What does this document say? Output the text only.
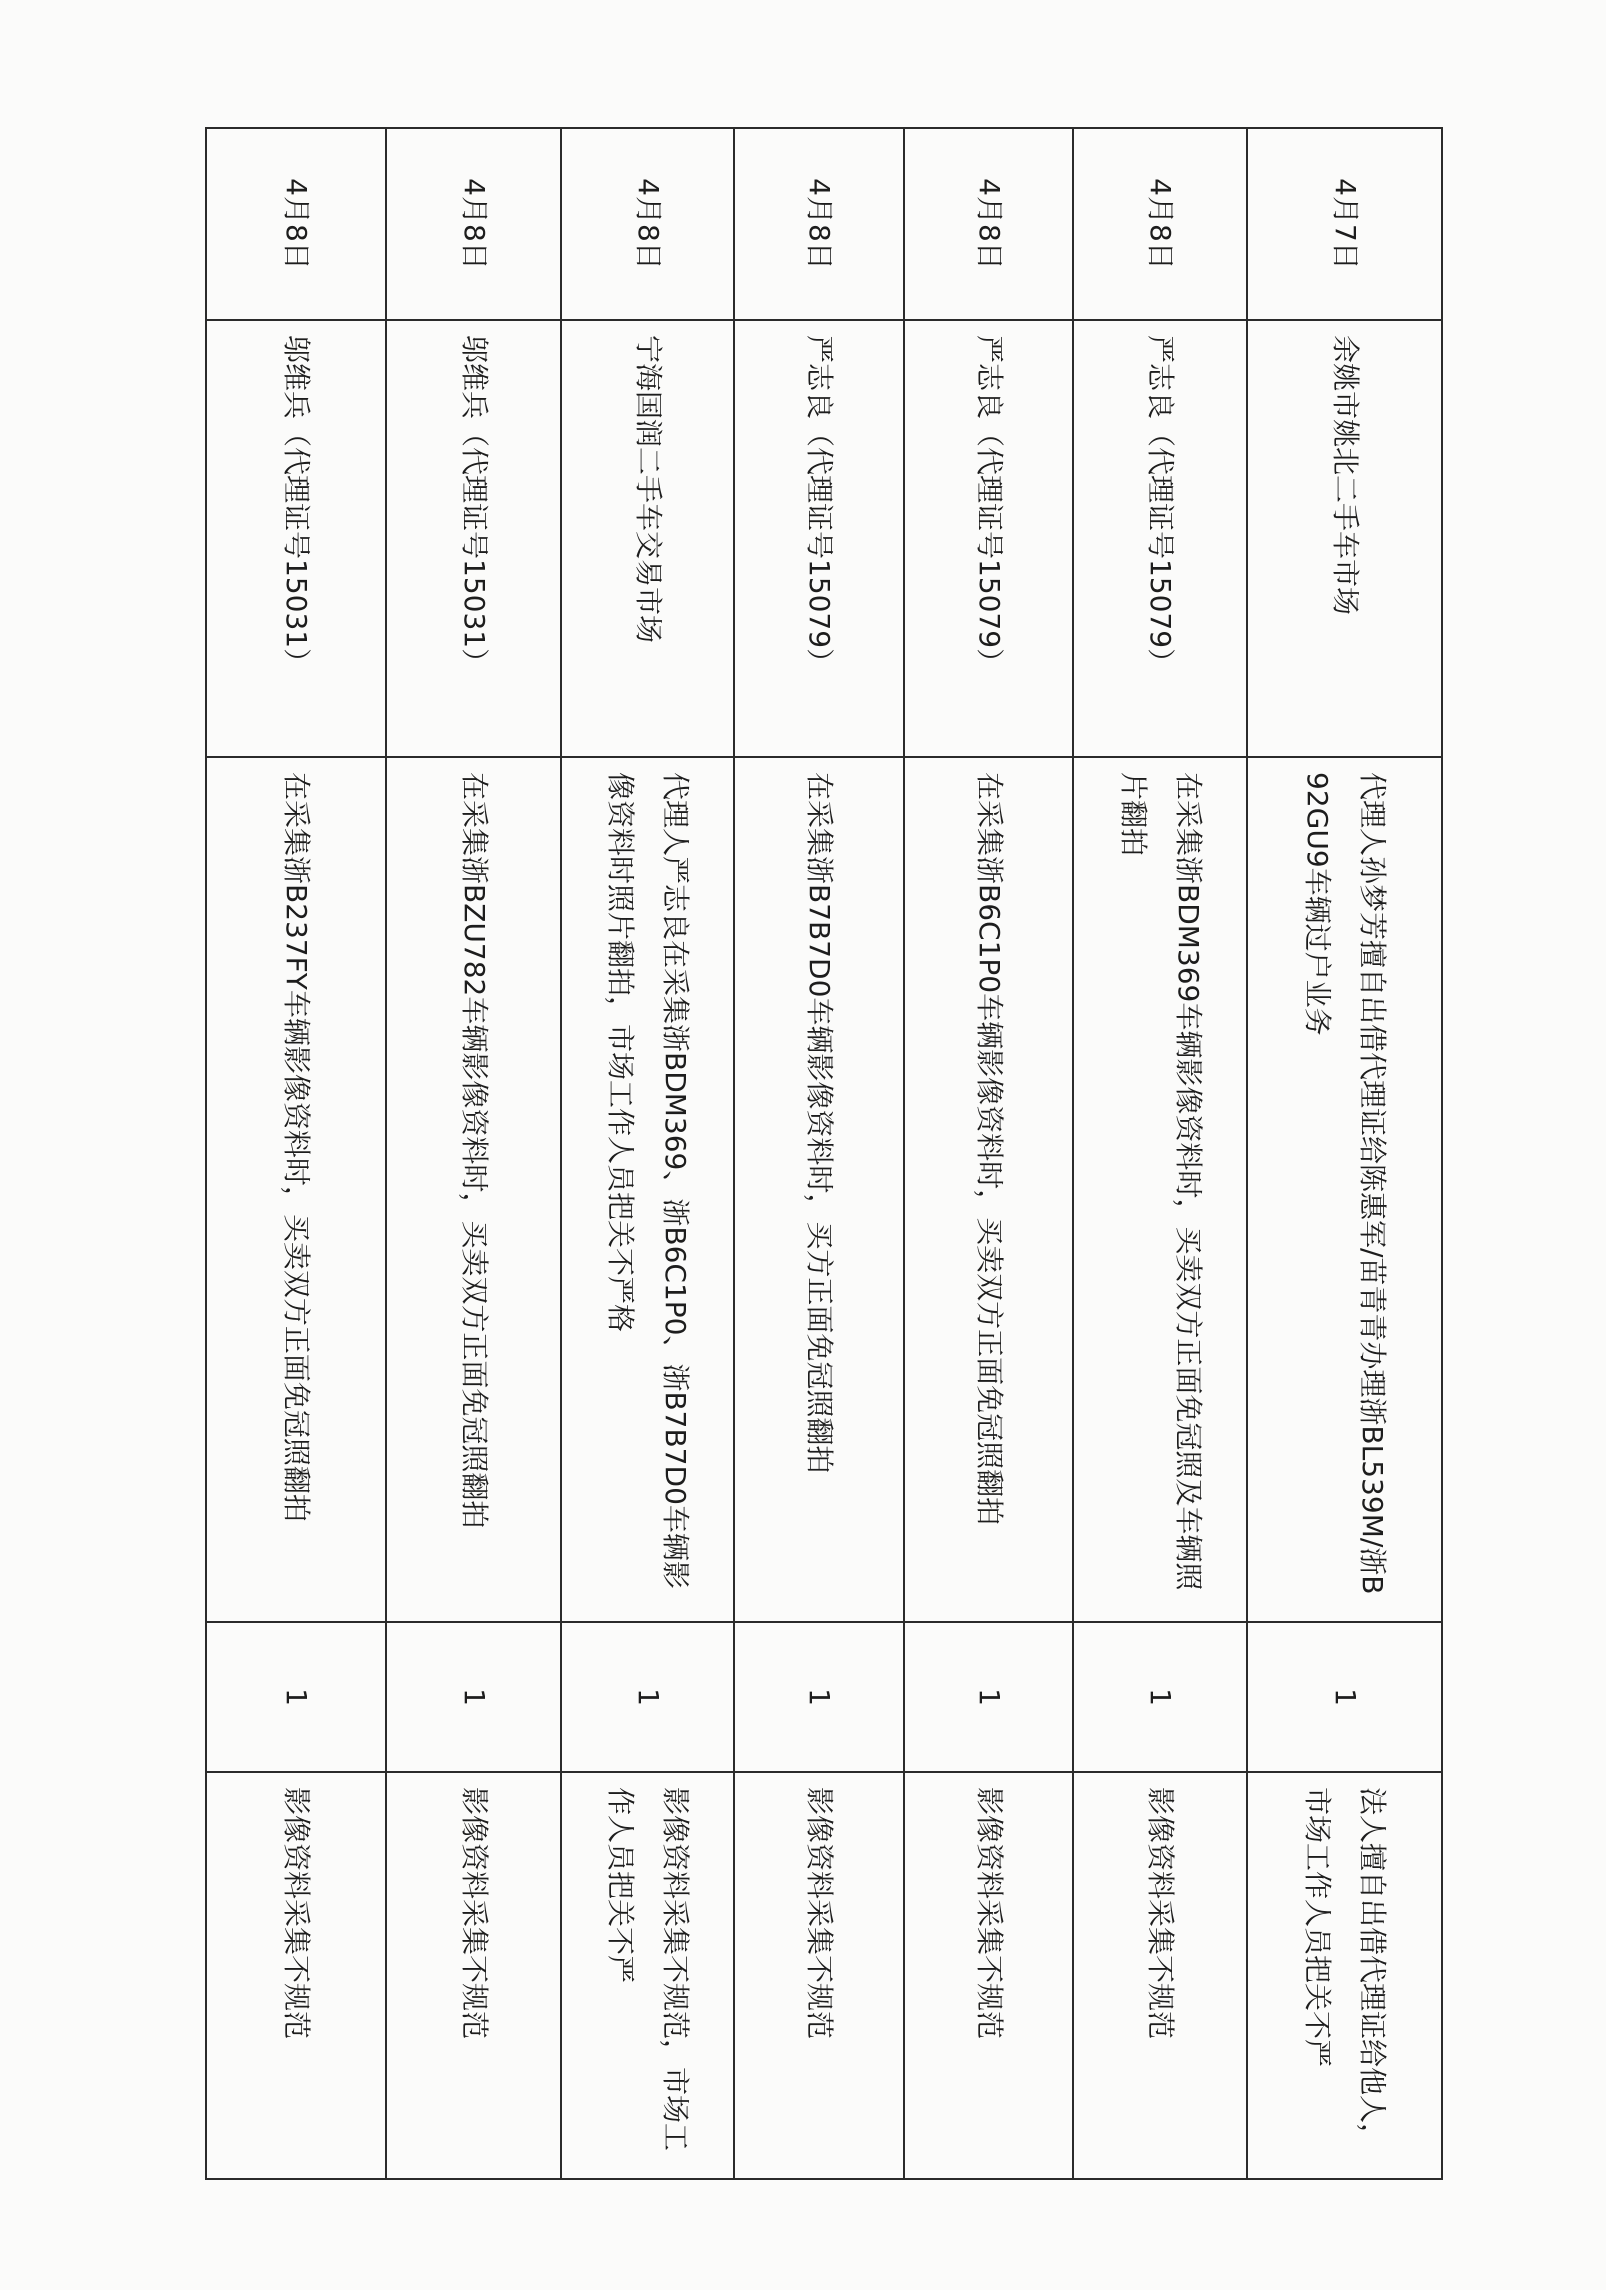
4月7日	余姚市姚北二手车市场	代理人孙梦芳擅自出借代理证给陈惠军/苗青青办理浙BL539M/浙B92GU9车辆过户业务	1	法人擅自出借代理证给他人，市场工作人员把关不严
4月8日	严志良（代理证号15079）	在采集浙BDM369车辆影像资料时，买卖双方正面免冠照及车辆照片翻拍	1	影像资料采集不规范
4月8日	严志良（代理证号15079）	在采集浙B6C1P0车辆影像资料时，买卖双方正面免冠照翻拍	1	影像资料采集不规范
4月8日	严志良（代理证号15079）	在采集浙B7B7D0车辆影像资料时，买方正面免冠照翻拍	1	影像资料采集不规范
4月8日	宁海国润二手车交易市场	代理人严志良在采集浙BDM369、浙B6C1P0、浙B7B7D0车辆影像资料时照片翻拍，市场工作人员把关不严格	1	影像资料采集不规范，市场工作人员把关不严
4月8日	邬维兵（代理证号15031）	在采集浙BZU782车辆影像资料时，买卖双方正面免冠照翻拍	1	影像资料采集不规范
4月8日	邬维兵（代理证号15031）	在采集浙B237FY车辆影像资料时，买卖双方正面免冠照翻拍	1	影像资料采集不规范
